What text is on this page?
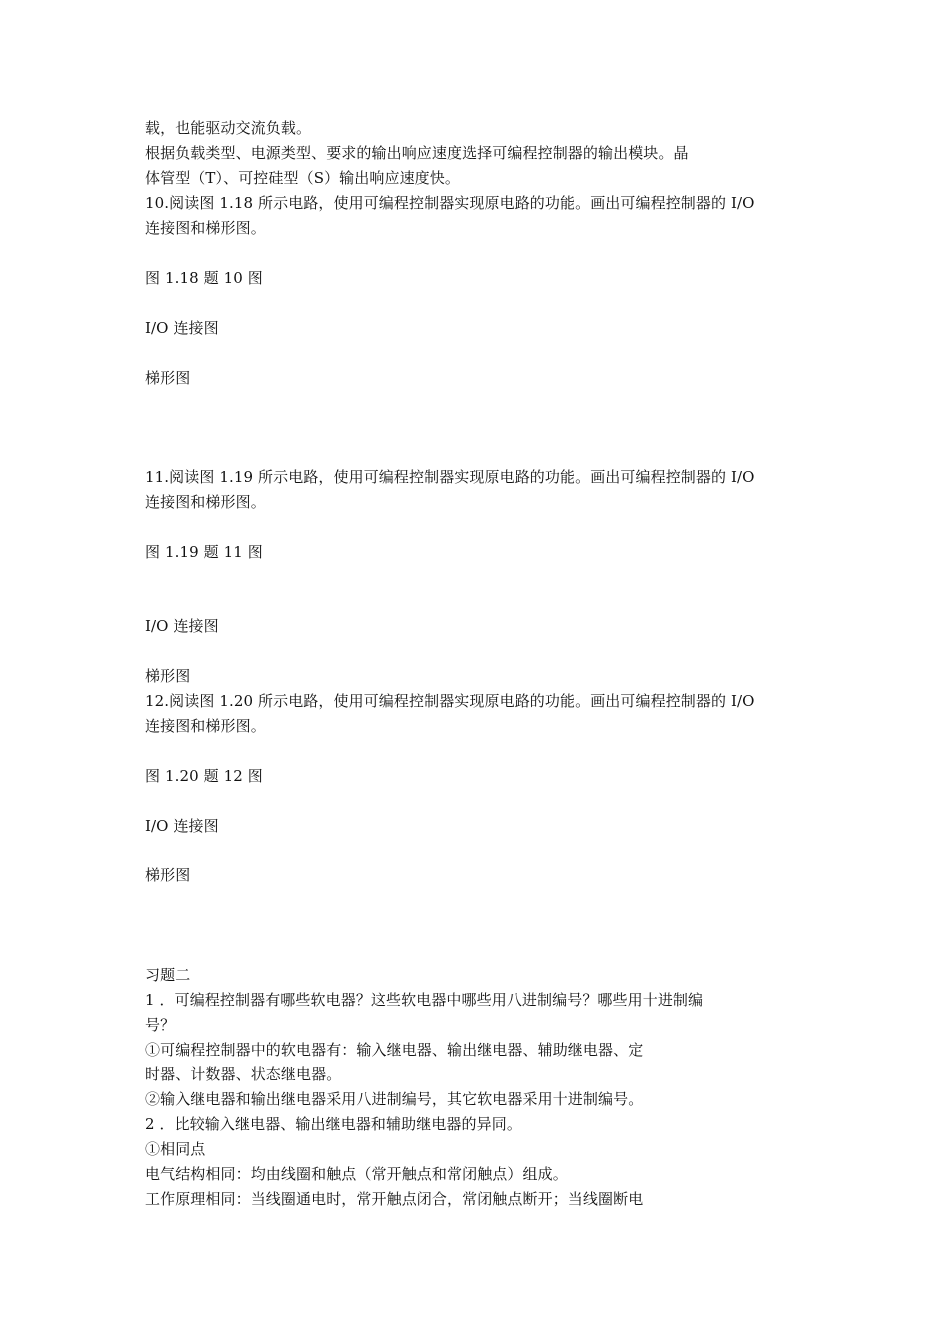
载，也能驱动交流负载。
根据负载类型、电源类型、要求的输出响应速度选择可编程控制器的输出模块。晶
体管型（T）、可控硅型（S）输出响应速度快。
10.阅读图 1.18 所示电路，使用可编程控制器实现原电路的功能。画出可编程控制器的 I/O
连接图和梯形图。
图 1.18 题 10 图
I/O 连接图
梯形图
11.阅读图 1.19 所示电路，使用可编程控制器实现原电路的功能。画出可编程控制器的 I/O
连接图和梯形图。
图 1.19 题 11 图
I/O 连接图
梯形图
12.阅读图 1.20 所示电路，使用可编程控制器实现原电路的功能。画出可编程控制器的 I/O
连接图和梯形图。
图 1.20 题 12 图
I/O 连接图
梯形图
习题二
1 ．可编程控制器有哪些软电器？这些软电器中哪些用八进制编号？哪些用十进制编
号？
①可编程控制器中的软电器有：输入继电器、输出继电器、辅助继电器、定
时器、计数器、状态继电器。
②输入继电器和输出继电器采用八进制编号，其它软电器采用十进制编号。
2 ．比较输入继电器、输出继电器和辅助继电器的异同。
①相同点
电气结构相同：均由线圈和触点（常开触点和常闭触点）组成。
工作原理相同：当线圈通电时，常开触点闭合，常闭触点断开；当线圈断电
